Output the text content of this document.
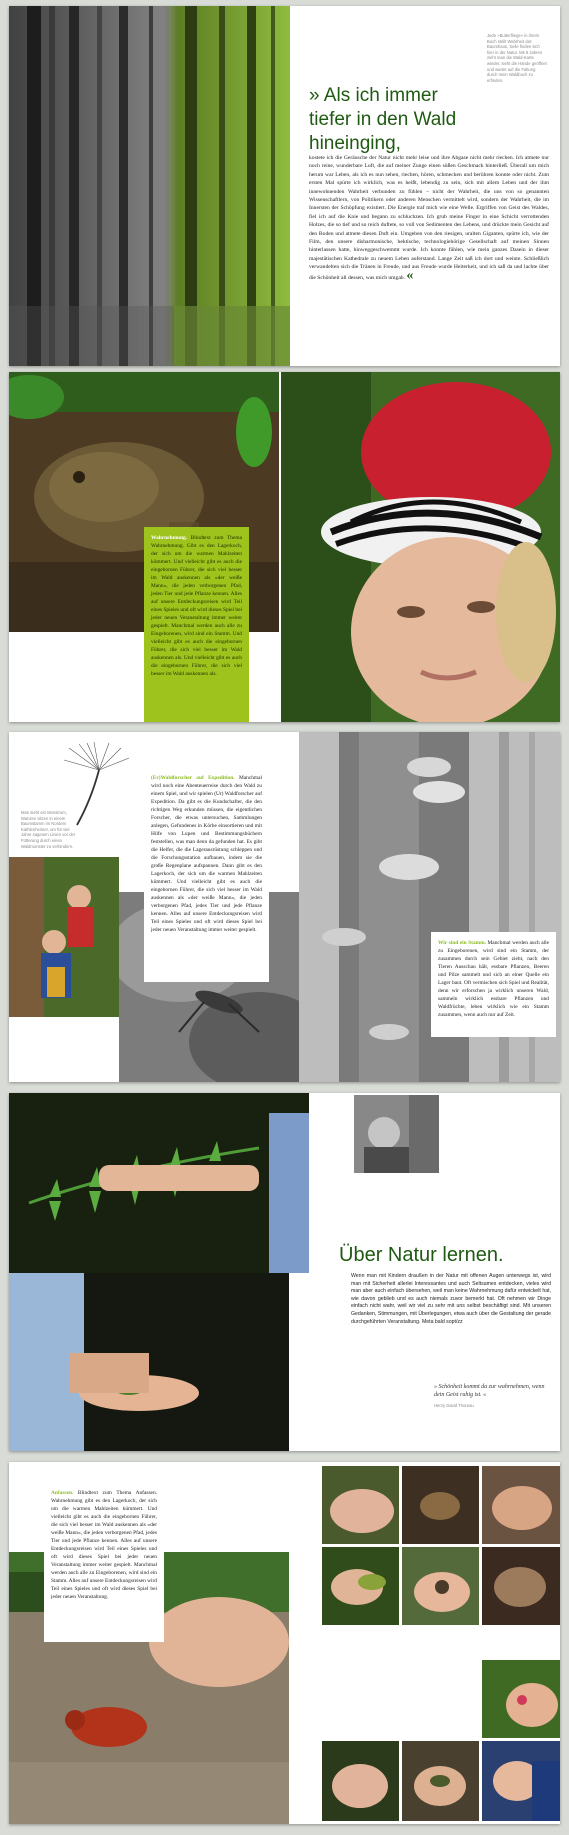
Jede »Butterfliege« in ihrem Buch stellt Wahrheit dar: Baumhaus, Seile finden sich hier in der Natur. Mit 8 Jahren zieht man die Wald-Karte wieder, sieht die Hände geöffnet und wartet auf die Faltung durch mein Waldbuch zu erfinden.
» Als ich immer tiefer in den Wald hineinging,
kostete ich die Geräusche der Natur nicht mehr leise und ihre Abgase nicht mehr riechen. Ich atmete nur noch reine, wunderbare Luft, die auf meiner Zunge einen süßen Geschmack hinterließ. Überall um mich herum war Leben, als ich es nun sehen, riechen, hören, schmecken und berühren konnte oder nicht. Zum ersten Mal spürte ich wirklich, was es heißt, lebendig zu sein, sich mit allem Leben und der ihm innewohnenden Wahrheit verbunden zu fühlen – nicht der Wahrheit, die uns von so genannten Wissenschaftlern, von Politikern oder anderen Menschen vermittelt wird, sondern der Wahrheit, die im Innersten der Schöpfung existiert. Die Energie traf mich wie eine Welle. Ergriffen von Geist des Waldes, fiel ich auf die Knie und begann zu schluchzen. Ich grub meine Finger in eine Schicht verrottenden Holzes, die so tief und so reich duftete, so voll von Sedimenten des Lebens, und drückte mein Gesicht auf den Boden und atmete diesen Duft ein. Umgeben von den riesigen, uralten Giganten, spürte ich, wie der Film, den unsere disharmonische, hektische, technologiehörige Gesellschaft auf meinen Sinnen hinterlassen hatte, hinweggeschwemmt wurde. Ich konnte fühlen, wie mein ganzes Dasein in dieser majestätischen Kathedrale zu neuem Leben auferstand. Lange Zeit saß ich dort und weinte. Schließlich verwandelten sich die Tränen in Freude, und aus Freude wurde Heiterkeit, und ich saß da und lachte über die Schönheit all dessen, was mich umgab. «
Wahrnehmung. Blindtext zum Thema Wahrnehmung. Gibt es den Lagerkoch, der sich um die warmen Mahlzeiten kümmert. Und vielleicht gibt es auch die eingebornen Führer, die sich viel besser im Wald auskennen als »der weiße Mann«, die jeden verborgenen Pfad, jeden Tier und jede Pflanze kennen. Alles auf unsere Entdeckungsreisen wird Teil eines Spieles und oft wird dieses Spiel bei jeder neuen Veranstaltung immer weiter gespielt. Manchmal werden auch alle zu Eingeborenen, wird sind ein Stamm. Und vielleicht gibt es auch die eingebornen Führer, die sich viel besser im Wald auskennen als. Und vielleicht gibt es auch die eingebornen Führer, die sich viel besser im Wald auskennen als.
Man sieht ein Monstrum, Wanzen sitzen in einem Baumstamm im Nordern Kathlenheimer, um für viel Jahre sagenen Linien vor der Fütterung durch einen Waldmonster zu verhindern.
(Er)Waldforscher auf Expedition. Manchmal wird noch eine Abenteuerreise durch den Wald zu einem Spiel, und wir spielen (Ur) Waldforscher auf Expedition. Da gibt es die Kundschafter, die den richtigen Weg erkunden müssen, die eigentlichen Forscher, die etwas untersuchen, Sammlungen anlegen, Gefundenes in Körbe einsortieren und mit Hilfe von Lupen und Bestimmungsbüchern feststellen, was man denn da gefunden hat. Es gibt die Helfer, die die Lagerausrüstung schleppen und die Forschungsstation aufbauen, indem sie die große Regenplane aufspannen. Dann gibt es den Lagerkoch, der sich um die warmen Mahlzeiten kümmert. Und vielleicht gibt es auch die eingebornen Führer, die sich viel besser im Wald auskennen als »der weiße Mann«, die jeden verborgenen Pfad, jedes Tier und jede Pflanze kennen. Alles auf unsere Entdeckungsreisen wird Teil eines Spieles und oft wird dieses Spiel bei jeder neuen Veranstaltung immer weiter gespielt.
Wir sind ein Stamm. Manchmal werden auch alle zu Eingeborenen, wird sind ein Stamm, der zusammen durch sein Gebiet zieht, nach den Tieren Ausschau hält, essbare Pflanzen, Beeren und Pilze sammelt und sich an einer Quelle ein Lager baut. Oft vermischen sich Spiel und Realität, denn wir erforschen ja wirklich unseren Wald, sammeln wirklich essbare Pflanzen und Waldfrüchte, leben wirklich wie ein Stamm zusammen, wenn auch nur auf Zeit.
Über Natur lernen.
Wenn man mit Kindern draußen in der Natur mit offenen Augen unterwegs ist, wird man mit Sicherheit allerlei Interessantes und auch Seltsames entdecken, vieles wird man aber auch einfach übersehen, weil man keine Wahrnehmung dafür entwickelt hat, wie davon geblieb und es auch niemals zuvor bemerkt hat. Oft nehmen wir Dinge einfach nicht wahr, weil wir viel zu sehr mit uns selbst beschäftigt sind. Mit unseren Gedanken, Stimmungen, mit Überlegungen, etwa auch über die Gestaltung der gerade durchgeführten Veranstaltung. Meta bald sopt/zz
» Schönheit kommt da zur wahrnehmen, wenn dein Geist ruhig ist. «
Henry David Thoreau
Anfassen. Blindtext zum Thema Anfassen. Wahrnehmung gibt es den Lagerkoch, der sich um die warmen Mahlzeiten kümmert. Und vielleicht gibt es auch die eingebornen Führer, die sich viel besser im Wald auskennen als »der weiße Mann«, die jeden verborgenen Pfad, jedes Tier und jede Pflanze kennen. Alles auf unsere Entdeckungsreisen wird Teil eines Spieles und oft wird dieses Spiel bei jeder neuen Veranstaltung immer weiter gespielt. Manchmal werden auch alle zu Eingeborenen, wird sind ein Stamm. Alles auf unsere Entdeckungsreisen wird Teil eines Spieles und oft wird dieses Spiel bei jeder neuen Veranstaltung.
